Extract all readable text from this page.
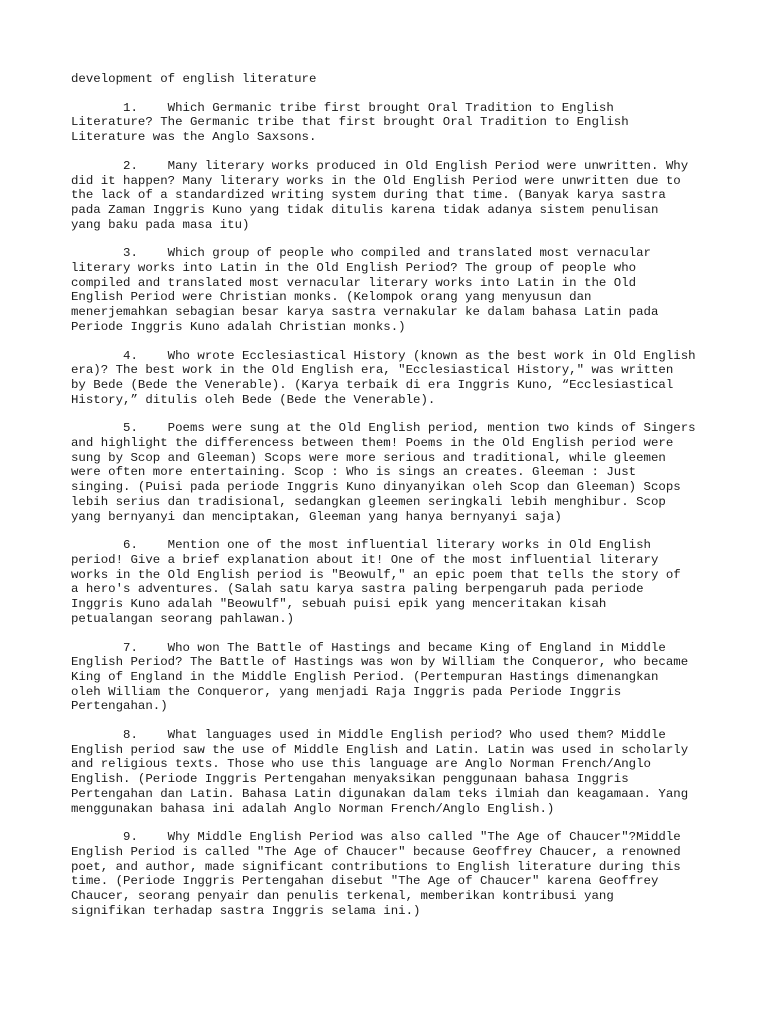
development of english literature

1.    Which Germanic tribe first brought Oral Tradition to English
Literature? The Germanic tribe that first brought Oral Tradition to English
Literature was the Anglo Saxsons.

2.    Many literary works produced in Old English Period were unwritten. Why
did it happen? Many literary works in the Old English Period were unwritten due to
the lack of a standardized writing system during that time. (Banyak karya sastra
pada Zaman Inggris Kuno yang tidak ditulis karena tidak adanya sistem penulisan
yang baku pada masa itu)

3.    Which group of people who compiled and translated most vernacular
literary works into Latin in the Old English Period? The group of people who
compiled and translated most vernacular literary works into Latin in the Old
English Period were Christian monks. (Kelompok orang yang menyusun dan
menerjemahkan sebagian besar karya sastra vernakular ke dalam bahasa Latin pada
Periode Inggris Kuno adalah Christian monks.)

4.    Who wrote Ecclesiastical History (known as the best work in Old English
era)? The best work in the Old English era, "Ecclesiastical History," was written
by Bede (Bede the Venerable). (Karya terbaik di era Inggris Kuno, “Ecclesiastical
History,” ditulis oleh Bede (Bede the Venerable).

5.    Poems were sung at the Old English period, mention two kinds of Singers
and highlight the differencess between them! Poems in the Old English period were
sung by Scop and Gleeman) Scops were more serious and traditional, while gleemen
were often more entertaining. Scop : Who is sings an creates. Gleeman : Just
singing. (Puisi pada periode Inggris Kuno dinyanyikan oleh Scop dan Gleeman) Scops
lebih serius dan tradisional, sedangkan gleemen seringkali lebih menghibur. Scop
yang bernyanyi dan menciptakan, Gleeman yang hanya bernyanyi saja)

6.    Mention one of the most influential literary works in Old English
period! Give a brief explanation about it! One of the most influential literary
works in the Old English period is "Beowulf," an epic poem that tells the story of
a hero's adventures. (Salah satu karya sastra paling berpengaruh pada periode
Inggris Kuno adalah "Beowulf", sebuah puisi epik yang menceritakan kisah
petualangan seorang pahlawan.)

7.    Who won The Battle of Hastings and became King of England in Middle
English Period? The Battle of Hastings was won by William the Conqueror, who became
King of England in the Middle English Period. (Pertempuran Hastings dimenangkan
oleh William the Conqueror, yang menjadi Raja Inggris pada Periode Inggris
Pertengahan.)

8.    What languages used in Middle English period? Who used them? Middle
English period saw the use of Middle English and Latin. Latin was used in scholarly
and religious texts. Those who use this language are Anglo Norman French/Anglo
English. (Periode Inggris Pertengahan menyaksikan penggunaan bahasa Inggris
Pertengahan dan Latin. Bahasa Latin digunakan dalam teks ilmiah dan keagamaan. Yang
menggunakan bahasa ini adalah Anglo Norman French/Anglo English.)

9.    Why Middle English Period was also called "The Age of Chaucer"?Middle
English Period is called "The Age of Chaucer" because Geoffrey Chaucer, a renowned
poet, and author, made significant contributions to English literature during this
time. (Periode Inggris Pertengahan disebut "The Age of Chaucer" karena Geoffrey
Chaucer, seorang penyair dan penulis terkenal, memberikan kontribusi yang
signifikan terhadap sastra Inggris selama ini.)
